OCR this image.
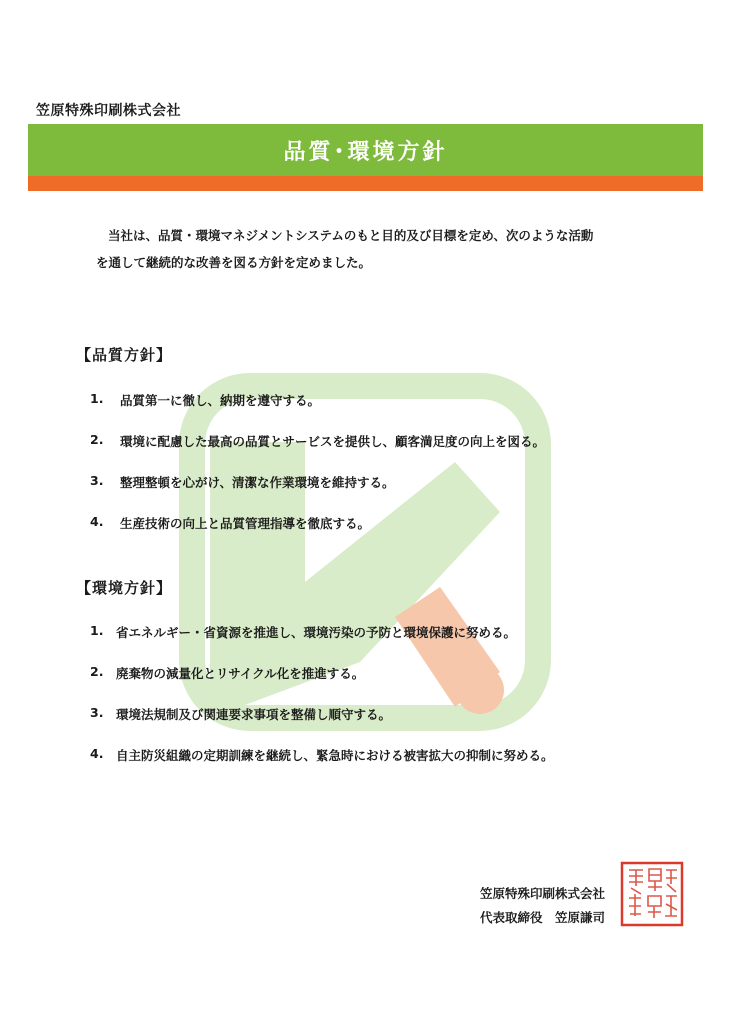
笠原特殊印刷株式会社
品質･環境方針

当社は、品質・環境マネジメントシステムのもと目的及び目標を定め、次のような活動

を通して継続的な改善を図る方針を定めました。

【品質方針】
1.	品質第一に徹し、納期を遵守する。
2.	環境に配慮した最高の品質とサービスを提供し、顧客満足度の向上を図る。
3.	整理整頓を心がけ、清潔な作業環境を維持する。
4.	生産技術の向上と品質管理指導を徹底する。
【環境方針】
1.	省エネルギー・省資源を推進し、環境汚染の予防と環境保護に努める。
2.	廃棄物の減量化とリサイクル化を推進する。
3.	環境法規制及び関連要求事項を整備し順守する。
4.	自主防災組織の定期訓練を継続し、緊急時における被害拡大の抑制に努める。
笠原特殊印刷株式会社
代表取締役　笠原謙司
